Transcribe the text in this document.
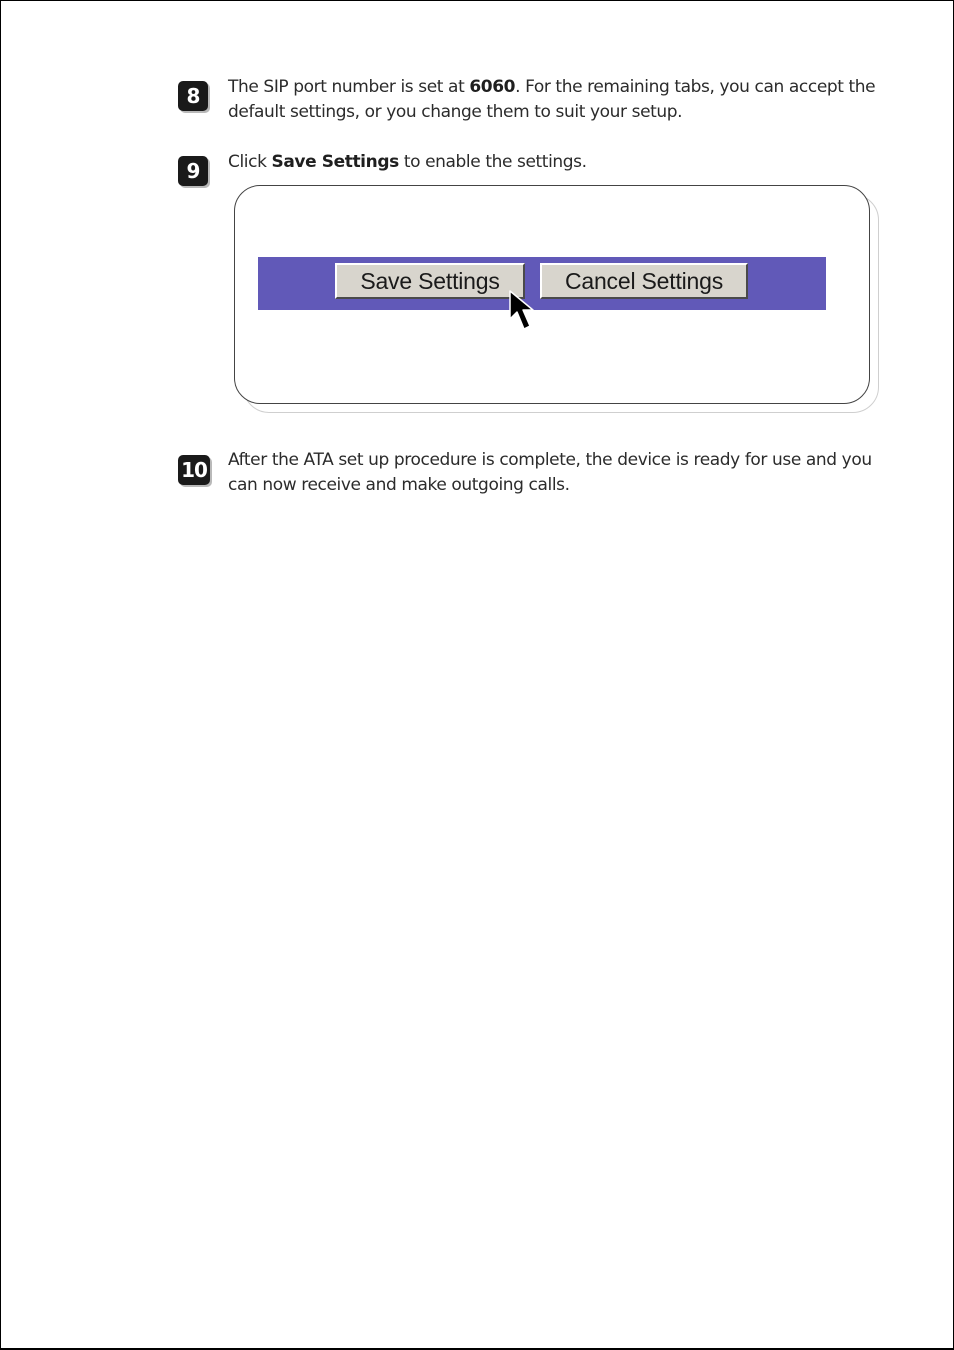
8	The SIP port number is set at 6060. For the remaining tabs, you can accept the default settings, or you change them to suit your setup.
9	Click Save Settings to enable the settings.
Save Settings	Cancel Settings
10 After the ATA set up procedure is complete, the device is ready for use and you can now receive and make outgoing calls.
